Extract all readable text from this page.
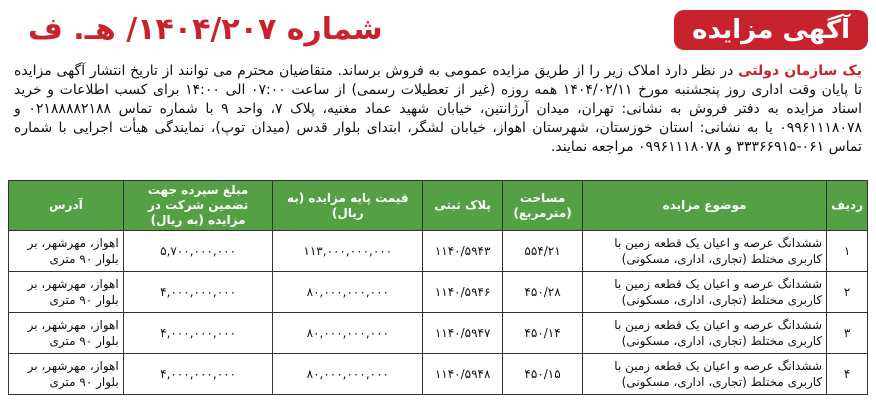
آگهی مزایده
شماره ۱۴۰۴/۲۰۷/ هـ. ف

یک سازمان دولتی در نظر دارد املاک زیر را از طریق مزایده عمومی به فروش برساند. متقاضیان محترم می توانند از تاریخ انتشار آگهی مزایده تا پایان وقت اداری روز پنجشنبه مورخ ۱۴۰۴/۰۲/۱۱ همه روزه (غیر از تعطیلات رسمی) از ساعت ۰۷:۰۰ الی ۱۴:۰۰ برای کسب اطلاعات و خرید اسناد مزایده به دفتر فروش به نشانی: تهران، میدان آرژانتین، خیابان شهید عماد مغنیه، پلاک ۷، واحد ۹ با شماره تماس ۰۲۱۸۸۸۸۲۱۸۸ و ۰۹۹۶۱۱۱۸۰۷۸ یا به نشانی: استان خوزستان، شهرستان اهواز، خیابان لشگر، ابتدای بلوار قدس (میدان توپ)، نمایندگی هیأت اجرایی با شماره تماس ۰۶۱-۳۳۳۶۶۹۱۵ و ۰۹۹۶۱۱۱۸۰۷۸ مراجعه نمایند.

ردیف	موضوع مزایده	مساحت (مترمربع)	پلاک ثبتی	قیمت پایه مزایده (به ریال)	مبلغ سپرده جهت تضمین شرکت در مزایده (به ریال)	آدرس
۱	ششدانگ عرصه و اعیان یک قطعه زمین با کاربری مختلط (تجاری، اداری، مسکونی)	۵۵۴/۲۱	۱۱۴۰/۵۹۴۳	۱۱۳,۰۰۰,۰۰۰,۰۰۰	۵,۷۰۰,۰۰۰,۰۰۰	اهواز، مهرشهر، بر بلوار ۹۰ متری
۲	ششدانگ عرصه و اعیان یک قطعه زمین با کاربری مختلط (تجاری، اداری، مسکونی)	۴۵۰/۲۸	۱۱۴۰/۵۹۴۶	۸۰,۰۰۰,۰۰۰,۰۰۰	۴,۰۰۰,۰۰۰,۰۰۰	اهواز، مهرشهر، بر بلوار ۹۰ متری
۳	ششدانگ عرصه و اعیان یک قطعه زمین با کاربری مختلط (تجاری، اداری، مسکونی)	۴۵۰/۱۴	۱۱۴۰/۵۹۴۷	۸۰,۰۰۰,۰۰۰,۰۰۰	۴,۰۰۰,۰۰۰,۰۰۰	اهواز، مهرشهر، بر بلوار ۹۰ متری
۴	ششدانگ عرصه و اعیان یک قطعه زمین با کاربری مختلط (تجاری، اداری، مسکونی)	۴۵۰/۱۵	۱۱۴۰/۵۹۴۸	۸۰,۰۰۰,۰۰۰,۰۰۰	۴,۰۰۰,۰۰۰,۰۰۰	اهواز، مهرشهر، بر بلوار ۹۰ متری
